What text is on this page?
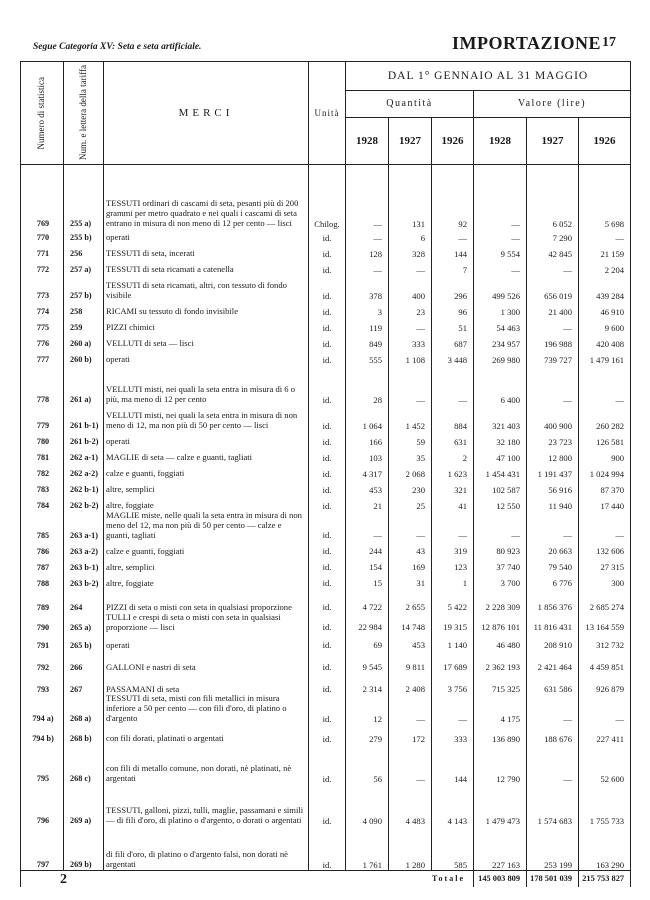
Segue Categoria XV: Seta e seta artificiale.	IMPORTAZIONE 17
Numero di statistica	Num. e lettera della tariffa	MERCI	Unità	DAL 1° GENNAIO AL 31 MAGGIO					
				Quantità			Valore (lire)		
				1928	1927	1926	1928	1927	1926

769	255 a)	TESSUTI ordinari di cascami di seta, pesanti più di 200 grammi per metro quadrato e nei quali i cascami di seta entrano in misura di non meno di 12 per cento — lisci	Chilog.	—	131	92	—	6 052	5 698
770	255 b)	operati	id.	—	6	—	—	7 290	—
771	256	TESSUTI di seta, incerati	id.	128	328	144	9 554	42 845	21 159
772	257 a)	TESSUTI di seta ricamati a catenella	id.	—	—	7	—	—	2 204
773	257 b)	TESSUTI di seta ricamati, altri, con tessuto di fondo visibile	id.	378	400	296	499 526	656 019	439 284
774	258	RICAMI su tessuto di fondo invisibile	id.	3	23	96	1 300	21 400	46 910
775	259	PIZZI chimici	id.	119	—	51	54 463	—	9 600
776	260 a)	VELLUTI di seta — lisci	id.	849	333	687	234 957	196 988	420 408
777	260 b)	operati	id.	555	1 108	3 448	269 980	739 727	1 479 161
778	261 a)	VELLUTI misti, nei quali la seta entra in misura di 6 o più, ma meno di 12 per cento	id.	28	—	—	6 400	—	—
779	261 b-1)	VELLUTI misti, nei quali la seta entra in misura di non meno di 12, ma non più di 50 per cento — lisci	id.	1 064	1 452	884	321 403	400 900	260 282
780	261 b-2)	operati	id.	166	59	631	32 180	23 723	126 581
781	262 a-1)	MAGLIE di seta — calze e guanti, tagliati	id.	103	35	2	47 100	12 800	900
782	262 a-2)	calze e guanti, foggiati	id.	4 317	2 068	1 623	1 454 431	1 191 437	1 024 994
783	262 b-1)	altre, semplici	id.	453	230	321	102 587	56 916	87 370
784	262 b-2)	altre, foggiate	id.	21	25	41	12 550	11 940	17 440
785	263 a-1)	MAGLIE miste, nelle quali la seta entra in misura di non meno del 12, ma non più di 50 per cento — calze e guanti, tagliati	id.	—	—	—	—	—	—
786	263 a-2)	calze e guanti, foggiati	id.	244	43	319	80 923	20 663	132 606
787	263 b-1)	altre, semplici	id.	154	169	123	37 740	79 540	27 315
788	263 b-2)	altre, foggiate	id.	15	31	1	3 700	6 776	300
789	264	PIZZI di seta o misti con seta in qualsiasi proporzione	id.	4 722	2 655	5 422	2 228 309	1 856 376	2 685 274
790	265 a)	TULLI e crespi di seta o misti con seta in qualsiasi proporzione — lisci	id.	22 984	14 748	19 315	12 876 101	11 816 431	13 164 559
791	265 b)	operati	id.	69	453	1 140	46 480	208 910	312 732
792	266	GALLONI e nastri di seta	id.	9 545	9 811	17 689	2 362 193	2 421 464	4 459 851
793	267	PASSAMANI di seta	id.	2 314	2 408	3 756	715 325	631 586	926 879
794 a)	268 a)	TESSUTI di seta, misti con fili metallici in misura inferiore a 50 per cento — con fili d'oro, di platino o d'argento	id.	12	—	—	4 175	—	—
794 b)	268 b)	con fili dorati, platinati o argentati	id.	279	172	333	136 890	188 676	227 411
795	268 c)	con fili di metallo comune, non dorati, nè platinati, nè argentati	id.	56	—	144	12 790	—	52 600
796	269 a)	TESSUTI, galloni, pizzi, tulli, maglie, passamani e simili — di fili d'oro, di platino o d'argento, o dorati o argentati	id.	4 090	4 483	4 143	1 479 473	1 574 683	1 755 733
797	269 b)	di fili d'oro, di platino o d'argento falsi, non dorati nè argentati	id.	1 761	1 280	585	227 163	253 199	163 290
Totale							145 003 809	178 501 039	215 753 827
2
